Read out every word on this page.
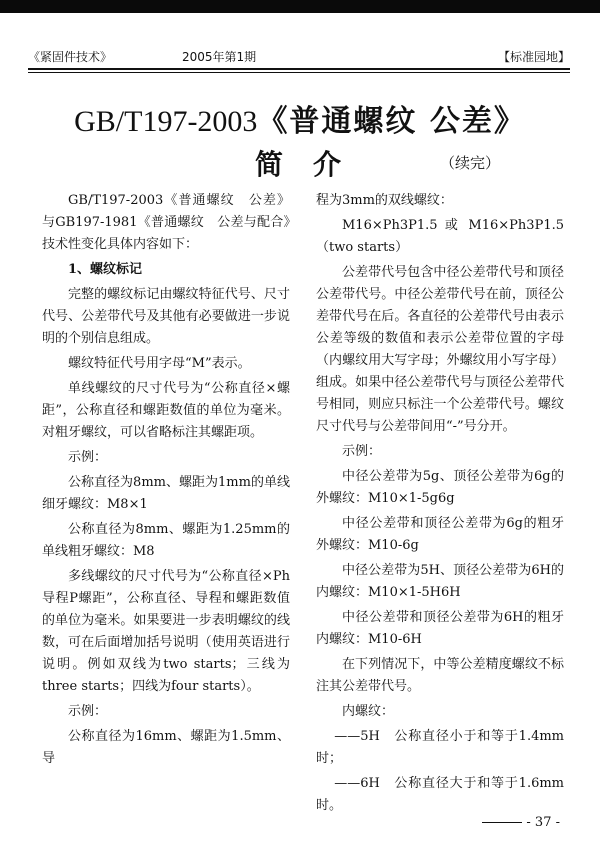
《紧固件技术》	2005年第1期	【标准园地】
GB/T197-2003《普通螺纹 公差》
简介	（续完）

GB/T197-2003《普通螺纹　公差》与GB197-1981《普通螺纹　公差与配合》技术性变化具体内容如下：

1、螺纹标记

完整的螺纹标记由螺纹特征代号、尺寸代号、公差带代号及其他有必要做进一步说明的个别信息组成。

螺纹特征代号用字母“M”表示。

单线螺纹的尺寸代号为“公称直径×螺距”，公称直径和螺距数值的单位为毫米。对粗牙螺纹，可以省略标注其螺距项。

示例：

公称直径为8mm、螺距为1mm的单线细牙螺纹：M8×1

公称直径为8mm、螺距为1.25mm的单线粗牙螺纹：M8

多线螺纹的尺寸代号为“公称直径×Ph导程P螺距”，公称直径、导程和螺距数值的单位为毫米。如果要进一步表明螺纹的线数，可在后面增加括号说明（使用英语进行说明。例如双线为two starts；三线为three starts；四线为four starts）。

示例：

公称直径为16mm、螺距为1.5mm、导

程为3mm的双线螺纹：

M16×Ph3P1.5 或 M16×Ph3P1.5（two starts）

公差带代号包含中径公差带代号和顶径公差带代号。中径公差带代号在前，顶径公差带代号在后。各直径的公差带代号由表示公差等级的数值和表示公差带位置的字母（内螺纹用大写字母；外螺纹用小写字母）组成。如果中径公差带代号与顶径公差带代号相同，则应只标注一个公差带代号。螺纹尺寸代号与公差带间用“-”号分开。

示例：

中径公差带为5g、顶径公差带为6g的外螺纹：M10×1-5g6g

中径公差带和顶径公差带为6g的粗牙外螺纹：M10-6g

中径公差带为5H、顶径公差带为6H的内螺纹：M10×1-5H6H

中径公差带和顶径公差带为6H的粗牙内螺纹：M10-6H

在下列情况下，中等公差精度螺纹不标注其公差带代号。

内螺纹：

——5H　公称直径小于和等于1.4mm时；

——6H　公称直径大于和等于1.6mm时。

- 37 -
